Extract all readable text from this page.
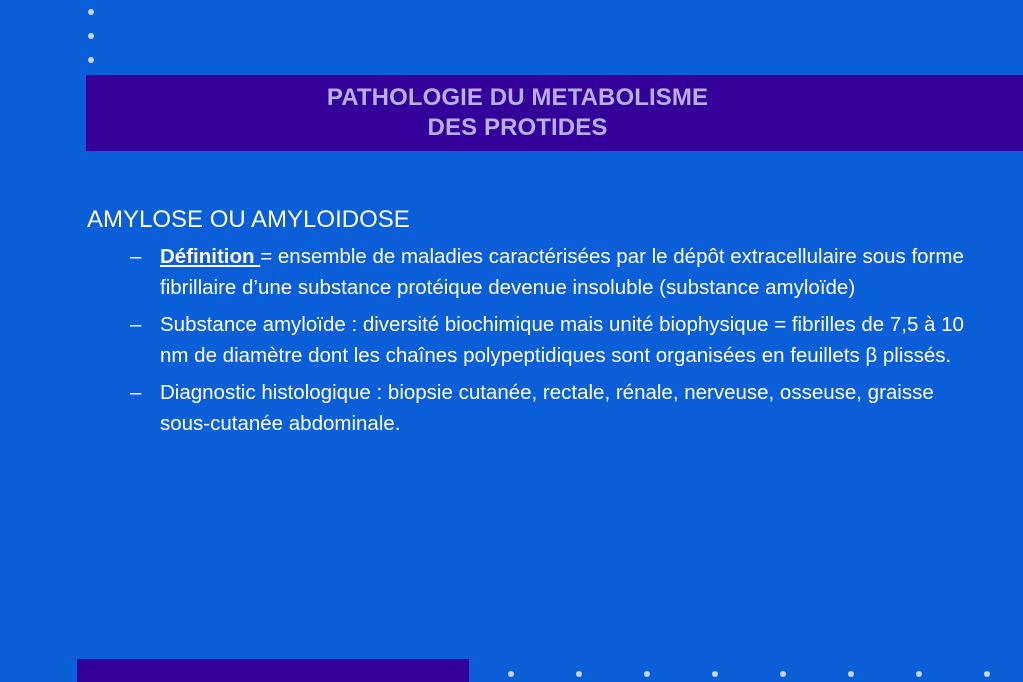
PATHOLOGIE DU METABOLISME
DES PROTIDES
AMYLOSE OU AMYLOIDOSE
– Définition = ensemble de maladies caractérisées par le dépôt extracellulaire sous forme fibrillaire d’une substance protéique devenue insoluble (substance amyloïde)
– Substance amyloïde : diversité biochimique mais unité biophysique = fibrilles de 7,5 à 10 nm de diamètre dont les chaînes polypeptidiques sont organisées en feuillets β plissés.
– Diagnostic histologique : biopsie cutanée, rectale, rénale, nerveuse, osseuse, graisse sous-cutanée abdominale.
